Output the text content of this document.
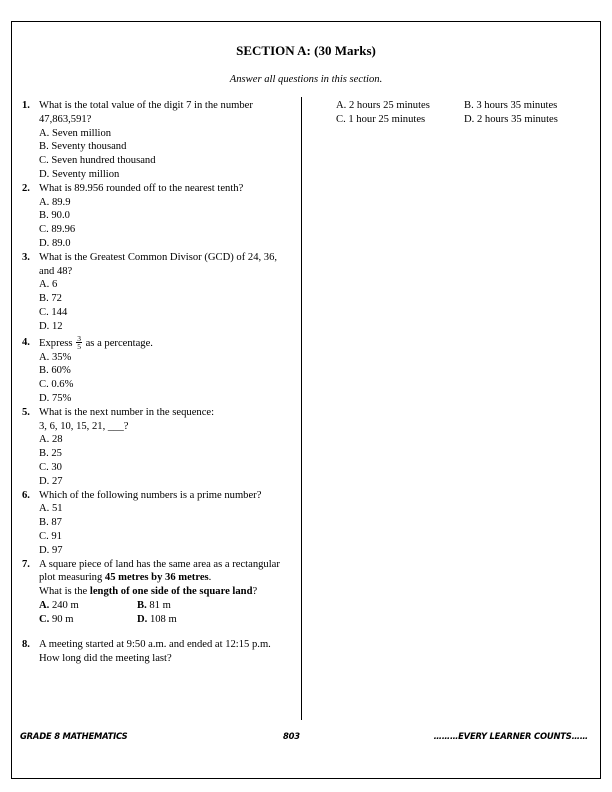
SECTION A: (30 Marks)
Answer all questions in this section.
1. What is the total value of the digit 7 in the number 47,863,591?
A. Seven million
B. Seventy thousand
C. Seven hundred thousand
D. Seventy million
2. What is 89.956 rounded off to the nearest tenth?
A. 89.9
B. 90.0
C. 89.96
D. 89.0
3. What is the Greatest Common Divisor (GCD) of 24, 36, and 48?
A. 6
B. 72
C. 144
D. 12
4. Express $\frac{3}{5}$ as a percentage.
A. 35%
B. 60%
C. 0.6%
D. 75%
5. What is the next number in the sequence:
3, 6, 10, 15, 21, ___?
A. 28
B. 25
C. 30
D. 27
6. Which of the following numbers is a prime number?
A. 51
B. 87
C. 91
D. 97
7. A square piece of land has the same area as a rectangular plot measuring 45 metres by 36 metres.
What is the length of one side of the square land?
A. 240 m	B. 81 m
C. 90 m	D. 108 m
8. A meeting started at 9:50 a.m. and ended at 12:15 p.m. How long did the meeting last?
A. 2 hours 25 minutes	B. 3 hours 35 minutes
C. 1 hour 25 minutes	D. 2 hours 35 minutes
GRADE 8 MATHEMATICS	803	………EVERY LEARNER COUNTS……
